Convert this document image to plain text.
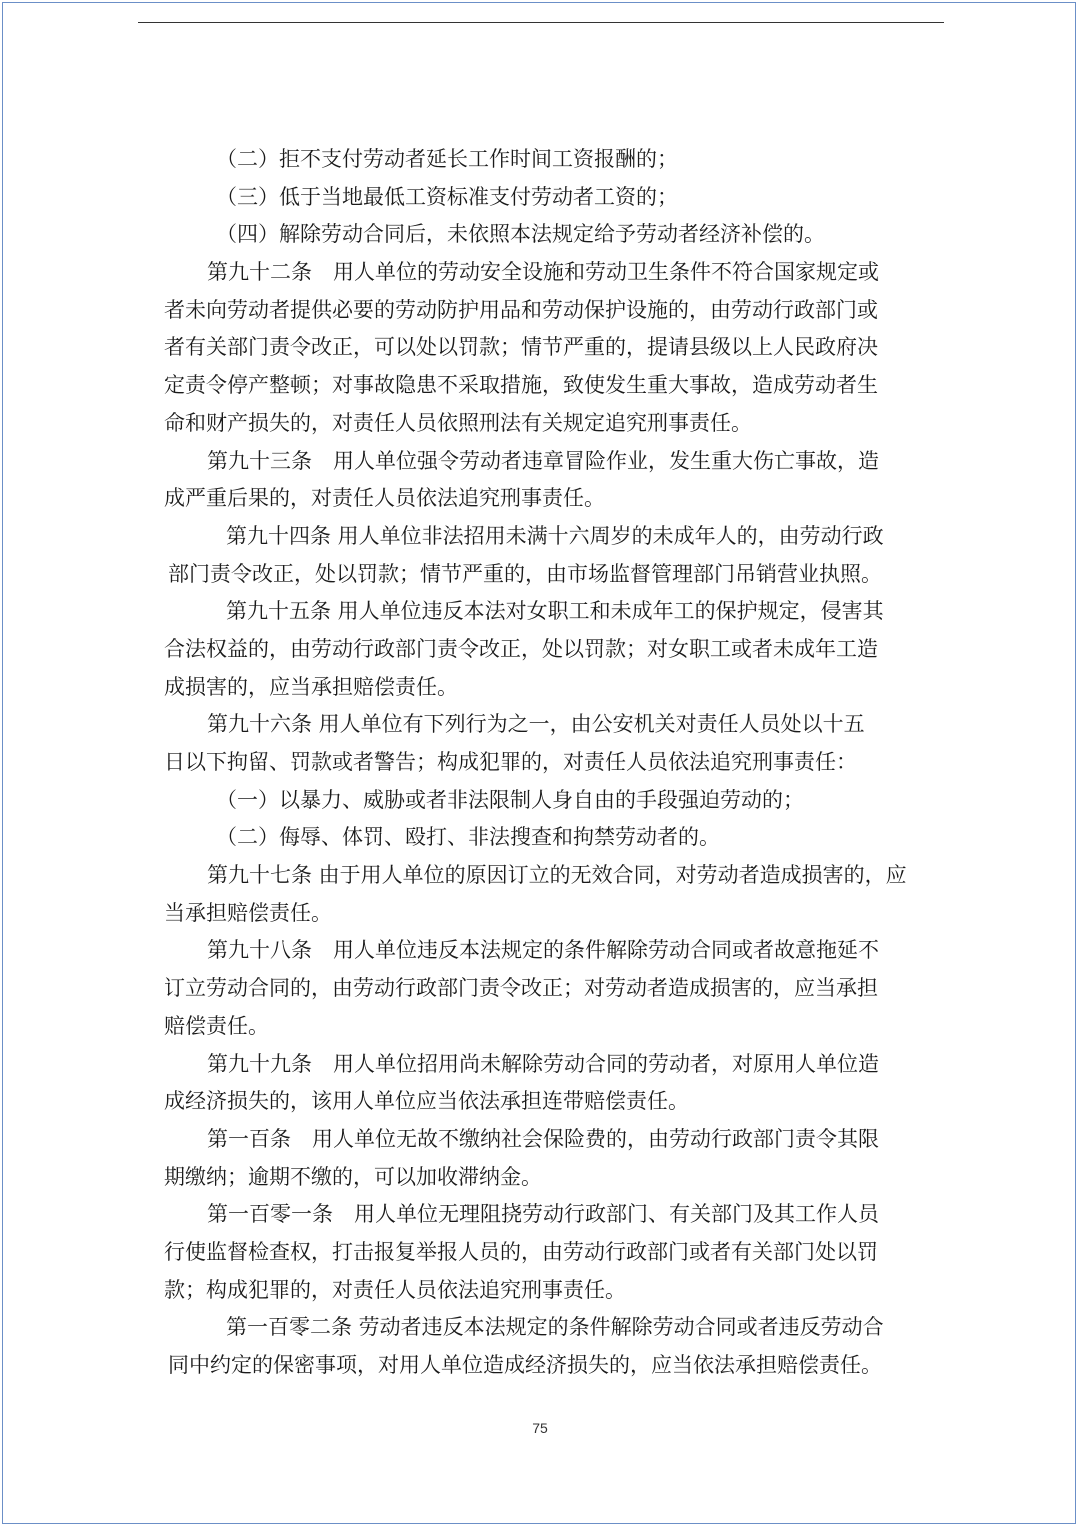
（二）拒不支付劳动者延长工作时间工资报酬的；
（三）低于当地最低工资标准支付劳动者工资的；
（四）解除劳动合同后，未依照本法规定给予劳动者经济补偿的。
第九十二条　用人单位的劳动安全设施和劳动卫生条件不符合国家规定或
者未向劳动者提供必要的劳动防护用品和劳动保护设施的，由劳动行政部门或
者有关部门责令改正，可以处以罚款；情节严重的，提请县级以上人民政府决
定责令停产整顿；对事故隐患不采取措施，致使发生重大事故，造成劳动者生
命和财产损失的，对责任人员依照刑法有关规定追究刑事责任。
第九十三条　用人单位强令劳动者违章冒险作业，发生重大伤亡事故，造
成严重后果的，对责任人员依法追究刑事责任。
第九十四条 用人单位非法招用未满十六周岁的未成年人的，由劳动行政
部门责令改正，处以罚款；情节严重的，由市场监督管理部门吊销营业执照。
第九十五条 用人单位违反本法对女职工和未成年工的保护规定，侵害其
合法权益的，由劳动行政部门责令改正，处以罚款；对女职工或者未成年工造
成损害的，应当承担赔偿责任。
第九十六条 用人单位有下列行为之一，由公安机关对责任人员处以十五
日以下拘留、罚款或者警告；构成犯罪的，对责任人员依法追究刑事责任：
（一）以暴力、威胁或者非法限制人身自由的手段强迫劳动的；
（二）侮辱、体罚、殴打、非法搜查和拘禁劳动者的。
第九十七条 由于用人单位的原因订立的无效合同，对劳动者造成损害的，应
当承担赔偿责任。
第九十八条　用人单位违反本法规定的条件解除劳动合同或者故意拖延不
订立劳动合同的，由劳动行政部门责令改正；对劳动者造成损害的，应当承担
赔偿责任。
第九十九条　用人单位招用尚未解除劳动合同的劳动者，对原用人单位造
成经济损失的，该用人单位应当依法承担连带赔偿责任。
第一百条　用人单位无故不缴纳社会保险费的，由劳动行政部门责令其限
期缴纳；逾期不缴的，可以加收滞纳金。
第一百零一条　用人单位无理阻挠劳动行政部门、有关部门及其工作人员
行使监督检查权，打击报复举报人员的，由劳动行政部门或者有关部门处以罚
款；构成犯罪的，对责任人员依法追究刑事责任。
第一百零二条 劳动者违反本法规定的条件解除劳动合同或者违反劳动合
同中约定的保密事项，对用人单位造成经济损失的，应当依法承担赔偿责任。
75
